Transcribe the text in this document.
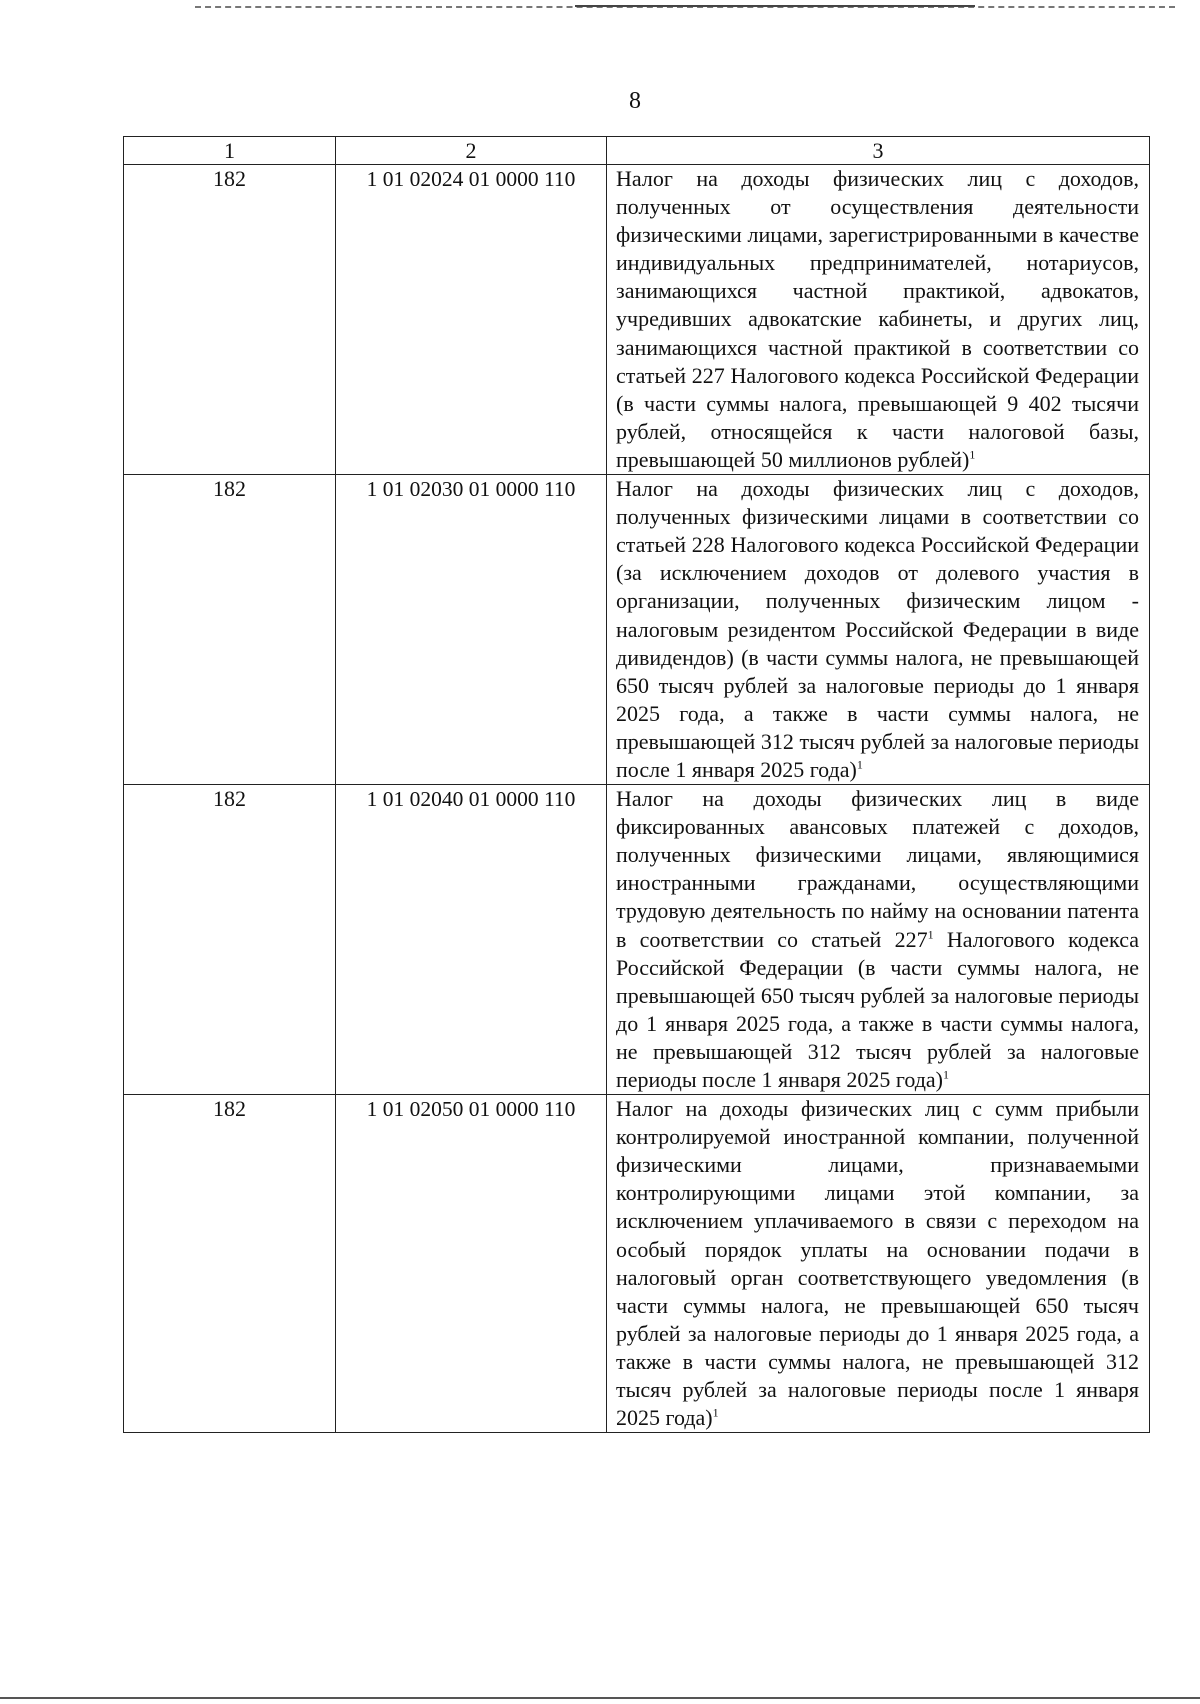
8
1	2	3
182	1 01 02024 01 0000 110	Налог на доходы физических лиц с доходов, полученных от осуществления деятельности физическими лицами, зарегистрированными в качестве индивидуальных предпринимателей, нотариусов, занимающихся частной практикой, адвокатов, учредивших адвокатские кабинеты, и других лиц, занимающихся частной практикой в соответствии со статьей 227 Налогового кодекса Российской Федерации (в части суммы налога, превышающей 9 402 тысячи рублей, относящейся к части налоговой базы, превышающей 50 миллионов рублей)$^1$
182	1 01 02030 01 0000 110	Налог на доходы физических лиц с доходов, полученных физическими лицами в соответствии со статьей 228 Налогового кодекса Российской Федерации (за исключением доходов от долевого участия в организации, полученных физическим лицом - налоговым резидентом Российской Федерации в виде дивидендов) (в части суммы налога, не превышающей 650 тысяч рублей за налоговые периоды до 1 января 2025 года, а также в части суммы налога, не превышающей 312 тысяч рублей за налоговые периоды после 1 января 2025 года)$^1$
182	1 01 02040 01 0000 110	Налог на доходы физических лиц в виде фиксированных авансовых платежей с доходов, полученных физическими лицами, являющимися иностранными гражданами, осуществляющими трудовую деятельность по найму на основании патента в соответствии со статьей $227^1$ Налогового кодекса Российской Федерации (в части суммы налога, не превышающей 650 тысяч рублей за налоговые периоды до 1 января 2025 года, а также в части суммы налога, не превышающей 312 тысяч рублей за налоговые периоды после 1 января 2025 года)$^1$
182	1 01 02050 01 0000 110	Налог на доходы физических лиц с сумм прибыли контролируемой иностранной компании, полученной физическими лицами, признаваемыми контролирующими лицами этой компании, за исключением уплачиваемого в связи с переходом на особый порядок уплаты на основании подачи в налоговый орган соответствующего уведомления (в части суммы налога, не превышающей 650 тысяч рублей за налоговые периоды до 1 января 2025 года, а также в части суммы налога, не превышающей 312 тысяч рублей за налоговые периоды после 1 января 2025 года)$^1$
